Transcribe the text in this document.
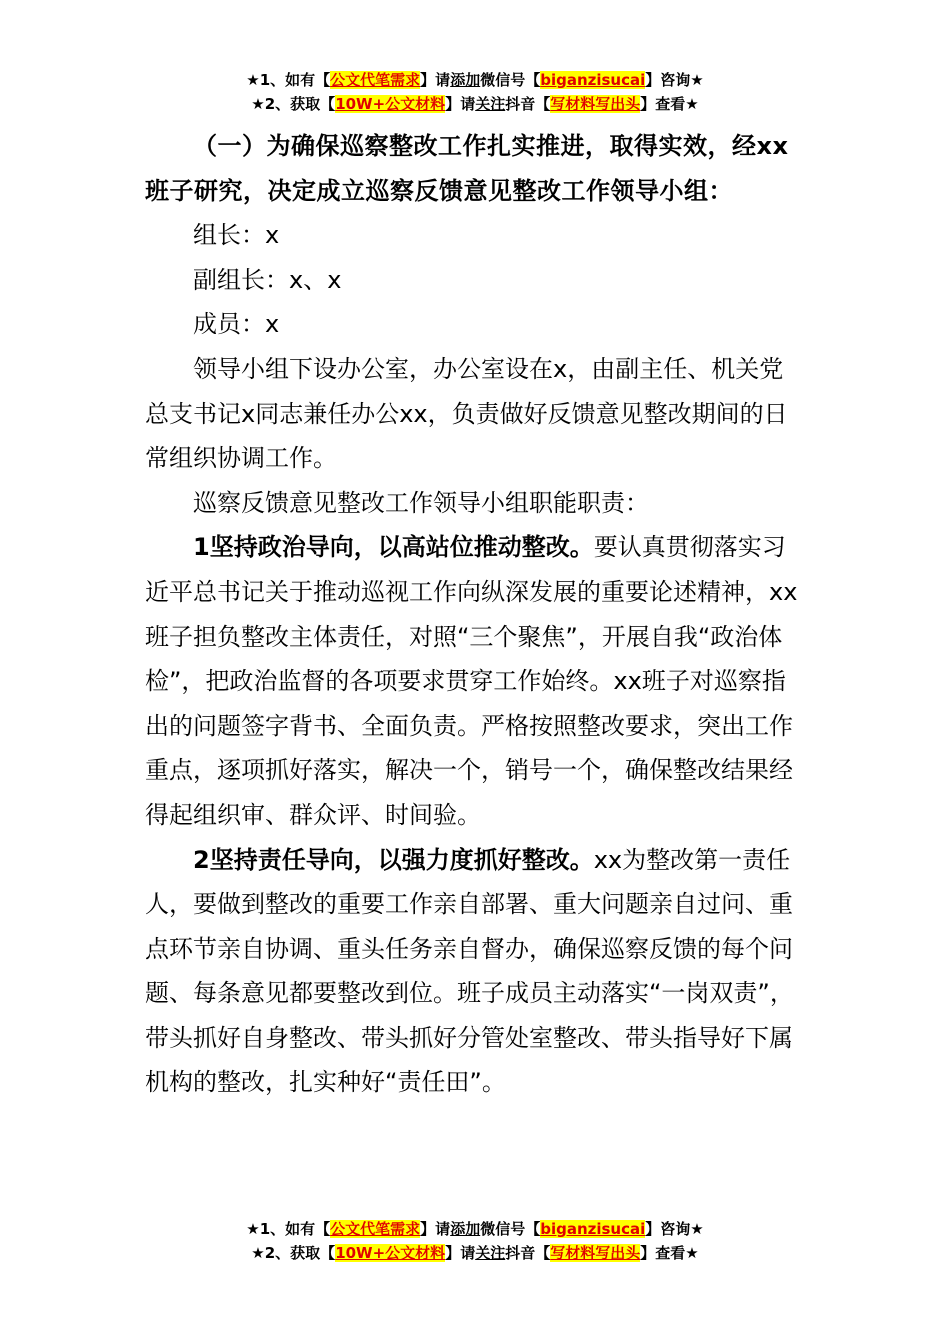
★1、如有【公文代笔需求】请添加微信号【biganzisucai】咨询★
★2、获取【10W+公文材料】请关注抖音【写材料写出头】查看★

（一）为确保巡察整改工作扎实推进，取得实效，经xx班子研究，决定成立巡察反馈意见整改工作领导小组：

组长：x

副组长：x、x

成员：x

领导小组下设办公室，办公室设在x，由副主任、机关党总支书记x同志兼任办公xx，负责做好反馈意见整改期间的日常组织协调工作。

巡察反馈意见整改工作领导小组职能职责：

1坚持政治导向，以高站位推动整改。要认真贯彻落实习近平总书记关于推动巡视工作向纵深发展的重要论述精神，xx班子担负整改主体责任，对照“三个聚焦”，开展自我“政治体检”，把政治监督的各项要求贯穿工作始终。xx班子对巡察指出的问题签字背书、全面负责。严格按照整改要求，突出工作重点，逐项抓好落实，解决一个，销号一个，确保整改结果经得起组织审、群众评、时间验。

2坚持责任导向，以强力度抓好整改。xx为整改第一责任人，要做到整改的重要工作亲自部署、重大问题亲自过问、重点环节亲自协调、重头任务亲自督办，确保巡察反馈的每个问题、每条意见都要整改到位。班子成员主动落实“一岗双责”，带头抓好自身整改、带头抓好分管处室整改、带头指导好下属机构的整改，扎实种好“责任田”。

★1、如有【公文代笔需求】请添加微信号【biganzisucai】咨询★
★2、获取【10W+公文材料】请关注抖音【写材料写出头】查看★
